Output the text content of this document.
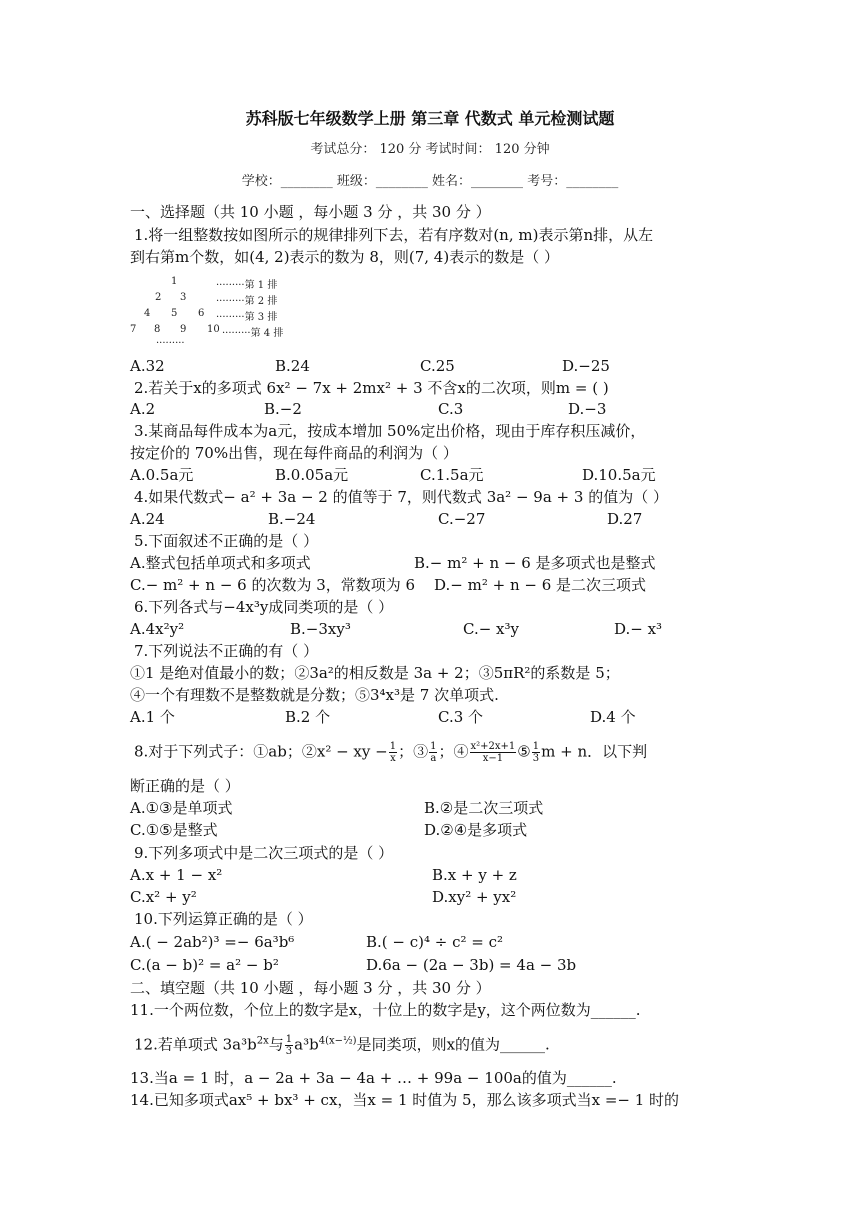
苏科版七年级数学上册 第三章 代数式 单元检测试题
考试总分： 120 分 考试时间： 120 分钟
学校：________ 班级：________ 姓名：________ 考号：________
一、选择题（共 10 小题 ，每小题 3 分 ，共 30 分 ）
1.将一组整数按如图所示的规律排列下去，若有序数对(n, m)表示第n排，从左
到右第m个数，如(4, 2)表示的数为 8，则(7, 4)表示的数是（ ）
1	·········第 1 排
2 3	·········第 2 排
4 5 6 ·········第 3 排
7 8 9 10 ·········第 4 排
·········
A.32	B.24	C.25	D.−25
2.若关于x的多项式 6x² − 7x + 2mx² + 3 不含x的二次项，则m = ( )
A.2	B.−2	C.3	D.−3
3.某商品每件成本为a元，按成本增加 50%定出价格，现由于库存积压减价，
按定价的 70%出售，现在每件商品的利润为（ ）
A.0.5a元	B.0.05a元	C.1.5a元	D.10.5a元
4.如果代数式− a² + 3a − 2 的值等于 7，则代数式 3a² − 9a + 3 的值为（ ）
A.24	B.−24	C.−27	D.27
5.下面叙述不正确的是（ ）
A.整式包括单项式和多项式	B.− m² + n − 6 是多项式也是整式
C.− m² + n − 6 的次数为 3，常数项为 6 D.− m² + n − 6 是二次三项式
6.下列各式与−4x³y成同类项的是（ ）
A.4x²y²	B.−3xy³	C.− x³y	D.− x³
7.下列说法不正确的有（ ）
①1 是绝对值最小的数；②3a²的相反数是 3a + 2；③5πR²的系数是 5；
④一个有理数不是整数就是分数；⑤3⁴x³是 7 次单项式.
A.1 个	B.2 个	C.3 个	D.4 个
8.对于下列式子：①ab；②x² − xy − $\frac{1}{x}$ ；③ $\frac{1}{a}$ ；④ $\frac{\text{x²+2x+1}}{x-1}$ ⑤ $\frac{1}{3}$ m + n．以下判
断正确的是（ ）
A.①③是单项式	B.②是二次三项式
C.①⑤是整式	D.②④是多项式
9.下列多项式中是二次三项式的是（ ）
A.x + 1 − x²	B.x + y + z
C.x² + y²	D.xy² + yx²
10.下列运算正确的是（ ）
A.( − 2ab²)³ =− 6a³b⁶	B.( − c)⁴ ÷ c² = c²
C.(a − b)² = a² − b²	D.6a − (2a − 3b) = 4a − 3b
二、填空题（共 10 小题 ，每小题 3 分 ，共 30 分 ）
11.一个两位数，个位上的数字是x，十位上的数字是y，这个两位数为______.
12.若单项式 $3a^3b^{2x}$与 $\frac{1}{3} a^3b^{4(x-\frac{1}{2})}$是同类项，则x的值为______.
13.当a = 1 时，a − 2a + 3a − 4a + … + 99a − 100a的值为______.
14.已知多项式ax⁵ + bx³ + cx，当x = 1 时值为 5，那么该多项式当x =− 1 时的
